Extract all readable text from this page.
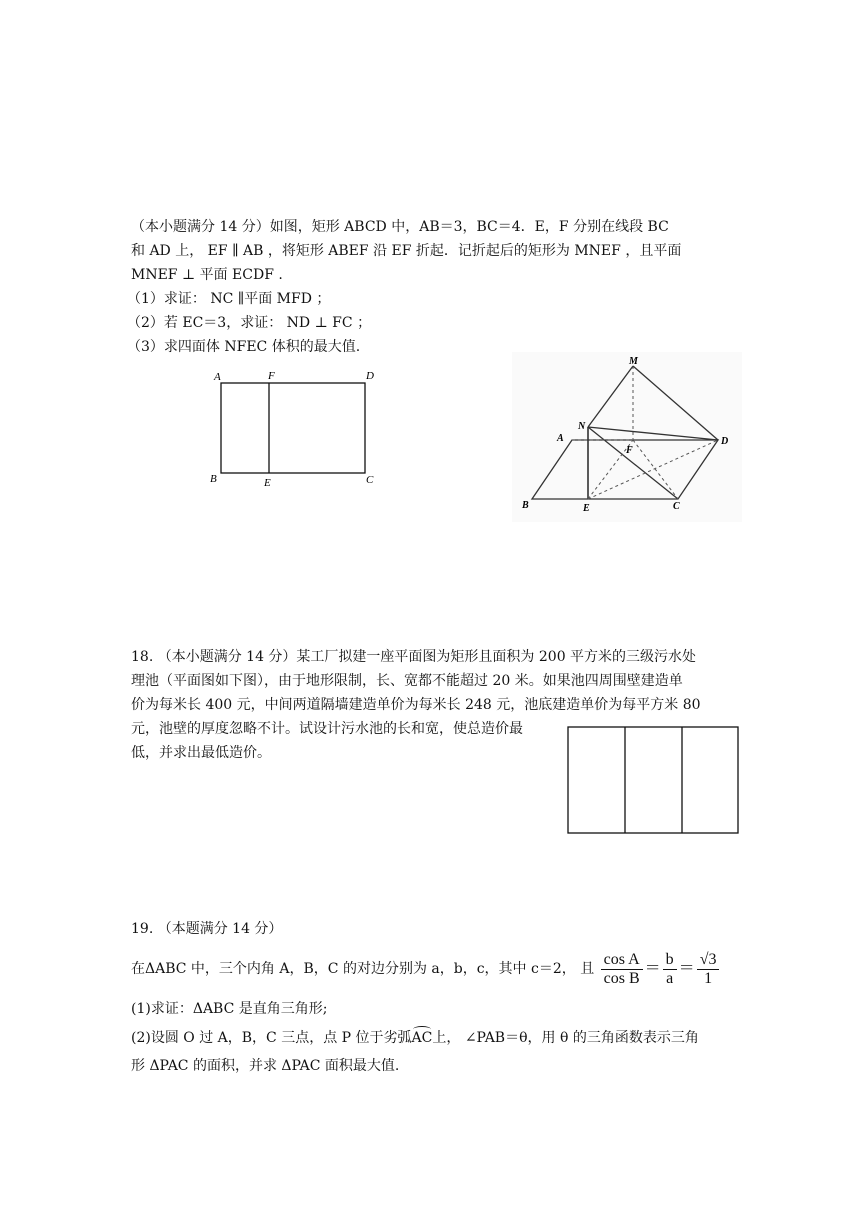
（本小题满分 14 分）如图，矩形 ABCD 中，AB＝3，BC＝4．E，F 分别在线段 BC
和 AD 上， EF ∥ AB ，将矩形 ABEF 沿 EF 折起．记折起后的矩形为 MNEF ，且平面
MNEF ⊥ 平面 ECDF .
（1）求证： NC ∥平面 MFD ；
（2）若 EC＝3，求证： ND ⊥ FC ；
（3）求四面体 NFEC 体积的最大值.
A	F	D
B	E	C
M
N
A
F
D
B	E	C
18. （本小题满分 14 分）某工厂拟建一座平面图为矩形且面积为 200 平方米的三级污水处
理池（平面图如下图），由于地形限制，长、宽都不能超过 20 米。如果池四周围壁建造单
价为每米长 400 元，中间两道隔墙建造单价为每米长 248 元，池底建造单价为每平方米 80
元，池壁的厚度忽略不计。试设计污水池的长和宽，使总造价最
低，并求出最低造价。
19. （本题满分 14 分）
在ΔABC 中，三个内角 A，B，C 的对边分别为 a，b，c，其中 c＝2， 且 $\frac{\text{cos A}}{\text{cos B}} = \frac{b}{a} = \frac{√3}{1}$
(1)求证：ΔABC 是直角三角形;
(2)设圆 O 过 A，B，C 三点，点 P 位于劣弧
AC上， ∠PAB＝θ，用 θ 的三角函数表示三角
形 ΔPAC 的面积，并求 ΔPAC 面积最大值.
